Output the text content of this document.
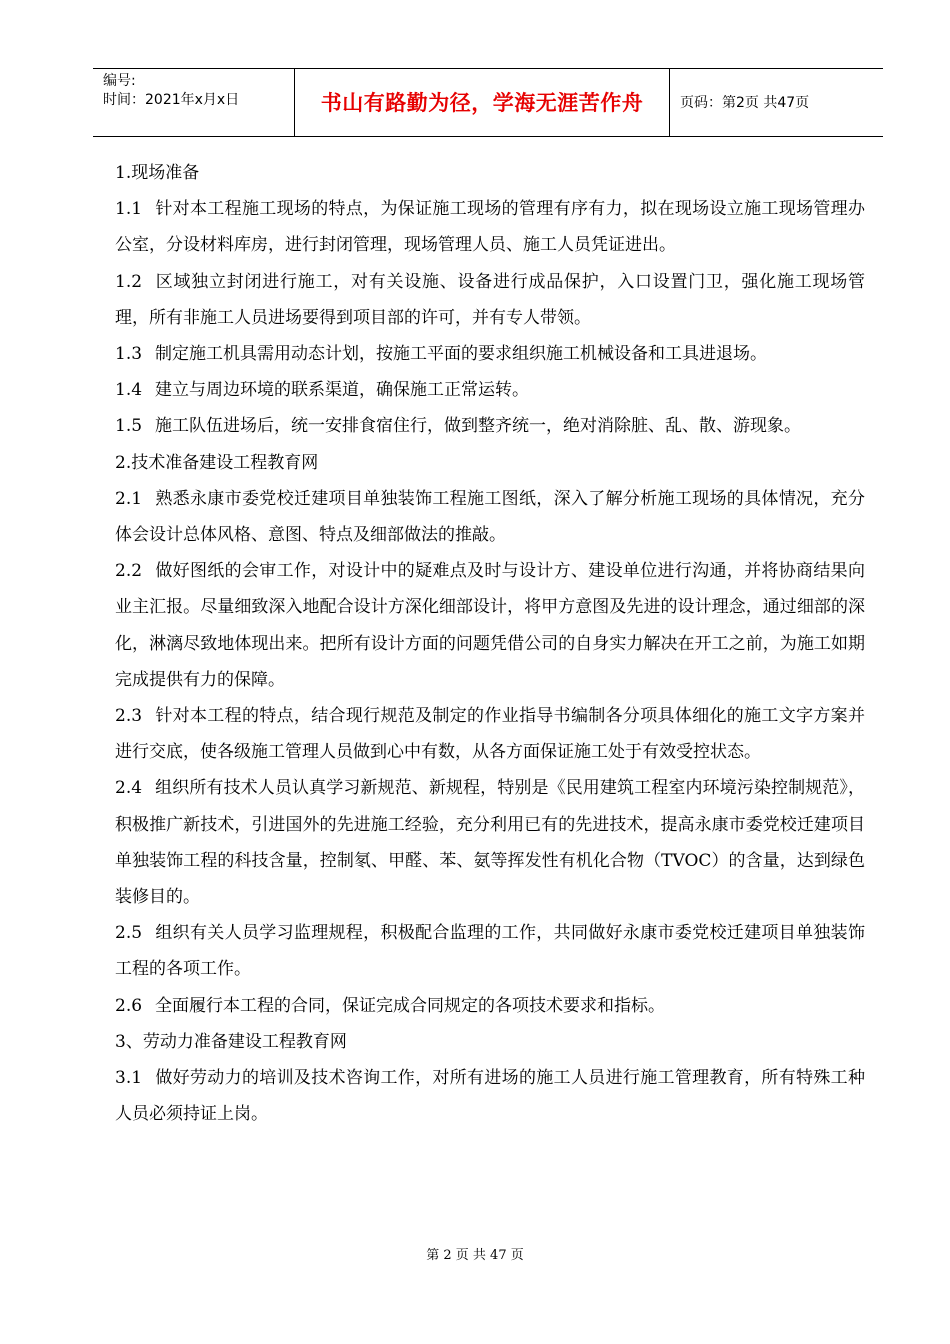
编号:
时间：2021年x月x日	书山有路勤为径，学海无涯苦作舟	页码：第2页 共47页

1.现场准备

1.1 针对本工程施工现场的特点，为保证施工现场的管理有序有力，拟在现场设立施工现场管理办公室，分设材料库房，进行封闭管理，现场管理人员、施工人员凭证进出。

1.2 区域独立封闭进行施工，对有关设施、设备进行成品保护，入口设置门卫，强化施工现场管理，所有非施工人员进场要得到项目部的许可，并有专人带领。

1.3 制定施工机具需用动态计划，按施工平面的要求组织施工机械设备和工具进退场。

1.4 建立与周边环境的联系渠道，确保施工正常运转。

1.5 施工队伍进场后，统一安排食宿住行，做到整齐统一，绝对消除脏、乱、散、游现象。

2.技术准备建设工程教育网

2.1 熟悉永康市委党校迁建项目单独装饰工程施工图纸，深入了解分析施工现场的具体情况，充分体会设计总体风格、意图、特点及细部做法的推敲。

2.2 做好图纸的会审工作，对设计中的疑难点及时与设计方、建设单位进行沟通，并将协商结果向业主汇报。尽量细致深入地配合设计方深化细部设计，将甲方意图及先进的设计理念，通过细部的深化，淋漓尽致地体现出来。把所有设计方面的问题凭借公司的自身实力解决在开工之前，为施工如期完成提供有力的保障。

2.3 针对本工程的特点，结合现行规范及制定的作业指导书编制各分项具体细化的施工文字方案并进行交底，使各级施工管理人员做到心中有数，从各方面保证施工处于有效受控状态。

2.4 组织所有技术人员认真学习新规范、新规程，特别是《民用建筑工程室内环境污染控制规范》，积极推广新技术，引进国外的先进施工经验，充分利用已有的先进技术，提高永康市委党校迁建项目单独装饰工程的科技含量，控制氡、甲醛、苯、氨等挥发性有机化合物（TVOC）的含量，达到绿色装修目的。

2.5 组织有关人员学习监理规程，积极配合监理的工作，共同做好永康市委党校迁建项目单独装饰工程的各项工作。

2.6 全面履行本工程的合同，保证完成合同规定的各项技术要求和指标。

3、劳动力准备建设工程教育网

3.1 做好劳动力的培训及技术咨询工作，对所有进场的施工人员进行施工管理教育，所有特殊工种人员必须持证上岗。

第 2 页 共 47 页
